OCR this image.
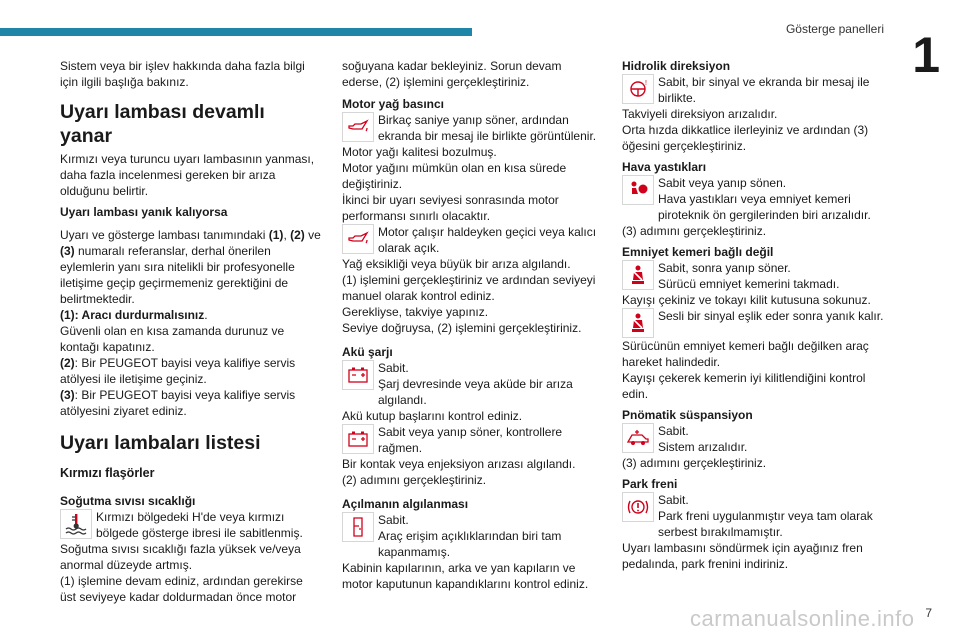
Gösterge panelleri 1

Sistem veya bir işlev hakkında daha fazla bilgi için ilgili başlığa bakınız.

Uyarı lambası devamlı yanar

Kırmızı veya turuncu uyarı lambasının yanması, daha fazla incelenmesi gereken bir arıza olduğunu belirtir.

Uyarı lambası yanık kalıyorsa

Uyarı ve gösterge lambası tanımındaki (1), (2) ve (3) numaralı referanslar, derhal önerilen eylemlerin yanı sıra nitelikli bir profesyonelle iletişime geçip geçirmemeniz gerektiğini de belirtmektedir.

(1): Aracı durdurmalısınız.

Güvenli olan en kısa zamanda durunuz ve kontağı kapatınız.

(2): Bir PEUGEOT bayisi veya kalifiye servis atölyesi ile iletişime geçiniz.

(3): Bir PEUGEOT bayisi veya kalifiye servis atölyesini ziyaret ediniz.

Uyarı lambaları listesi

Kırmızı flaşörler

Soğutma sıvısı sıcaklığı

Kırmızı bölgedeki H'de veya kırmızı bölgede gösterge ibresi ile sabitlenmiş.

Soğutma sıvısı sıcaklığı fazla yüksek ve/veya anormal düzeyde artmış.

(1) işlemine devam ediniz, ardından gerekirse üst seviyeye kadar doldurmadan önce motor

soğuyana kadar bekleyiniz. Sorun devam ederse, (2) işlemini gerçekleştiriniz.

Motor yağ basıncı

Birkaç saniye yanıp söner, ardından ekranda bir mesaj ile birlikte görüntülenir.

Motor yağı kalitesi bozulmuş.

Motor yağını mümkün olan en kısa sürede değiştiriniz.

İkinci bir uyarı seviyesi sonrasında motor performansı sınırlı olacaktır.

Motor çalışır haldeyken geçici veya kalıcı olarak açık.

Yağ eksikliği veya büyük bir arıza algılandı.

(1) işlemini gerçekleştiriniz ve ardından seviyeyi manuel olarak kontrol ediniz.

Gerekliyse, takviye yapınız.

Seviye doğruysa, (2) işlemini gerçekleştiriniz.

Akü şarjı

Sabit.

Şarj devresinde veya aküde bir arıza algılandı.

Akü kutup başlarını kontrol ediniz.

Sabit veya yanıp söner, kontrollere rağmen.

Bir kontak veya enjeksiyon arızası algılandı.

(2) adımını gerçekleştiriniz.

Açılmanın algılanması

Sabit.

Araç erişim açıklıklarından biri tam kapanmamış.

Kabinin kapılarının, arka ve yan kapıların ve motor kaputunun kapandıklarını kontrol ediniz.

Hidrolik direksiyon

! Sabit, bir sinyal ve ekranda bir mesaj ile birlikte.

Takviyeli direksiyon arızalıdır.

Orta hızda dikkatlice ilerleyiniz ve ardından (3) öğesini gerçekleştiriniz.

Hava yastıkları

Sabit veya yanıp sönen.

Hava yastıkları veya emniyet kemeri piroteknik ön gergilerinden biri arızalıdır.

(3) adımını gerçekleştiriniz.

Emniyet kemeri bağlı değil

Sabit, sonra yanıp söner.

Sürücü emniyet kemerini takmadı.

Kayışı çekiniz ve tokayı kilit kutusuna sokunuz.

Sesli bir sinyal eşlik eder sonra yanık kalır.

Sürücünün emniyet kemeri bağlı değilken araç hareket halindedir.

Kayışı çekerek kemerin iyi kilitlendiğini kontrol edin.

Pnömatik süspansiyon

Sabit.

Sistem arızalıdır.

(3) adımını gerçekleştiriniz.

Park freni

Sabit.

Park freni uygulanmıştır veya tam olarak serbest bırakılmamıştır.

Uyarı lambasını söndürmek için ayağınız fren pedalında, park frenini indiriniz.

carmanualsonline.info 7
